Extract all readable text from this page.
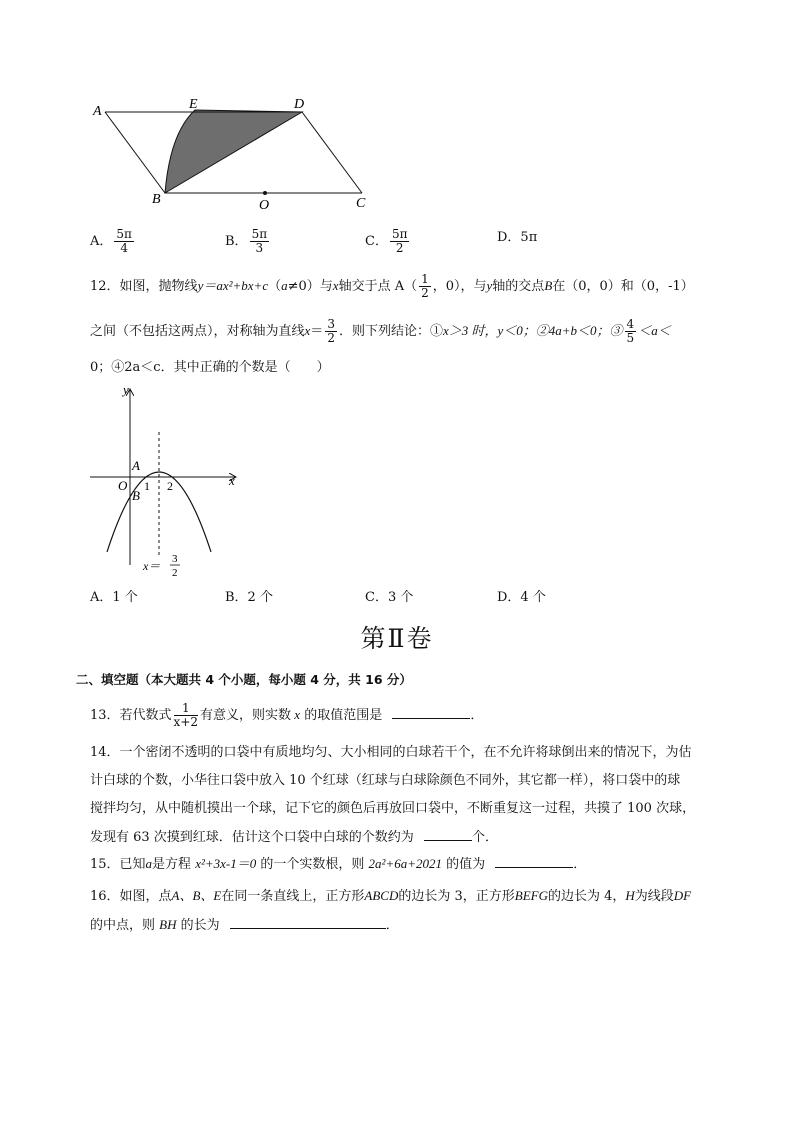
A	E	D
B	O	C
A． $\frac{5\pi}{4}$	B． $\frac{5\pi}{3}$	C． $\frac{5\pi}{2}$	D．5π
12．如图，抛物线y＝ax²+bx+c（a≠0）与x轴交于点 $A( \frac{1}{2}$ ，0），与y轴的交点B在（0，0）和（0，-1）
之间（不包括这两点），对称轴为直线$x= \frac{3}{2}$ ．则下列结论：①x＞3 时，y＜0；②4a+b＜0；③ $\frac{4}{5} <a<$
0；④2a＜c．其中正确的个数是（　　）
y
x
O
A
B
1 2
x＝ 3
2
A．1 个	B．2 个	C．3 个	D．4 个
第Ⅱ卷
二、填空题（本大题共 4 个小题，每小题 4 分，共 16 分）
13．若代数式 $\frac{1}{x+2}$ 有意义，则实数 x 的取值范围是	．
14．一个密闭不透明的口袋中有质地均匀、大小相同的白球若干个，在不允许将球倒出来的情况下，为估
计白球的个数，小华往口袋中放入 10 个红球（红球与白球除颜色不同外，其它都一样），将口袋中的球
搅拌均匀，从中随机摸出一个球，记下它的颜色后再放回口袋中，不断重复这一过程，共摸了 100 次球，
发现有 63 次摸到红球．估计这个口袋中白球的个数约为	个．
15．已知a是方程 x²+3x-1＝0 的一个实数根，则 2a²+6a+2021 的值为	．
16．如图，点A、B、E在同一条直线上，正方形ABCD的边长为 3，正方形BEFG的边长为 4，H为线段DF
的中点，则 BH 的长为	．
